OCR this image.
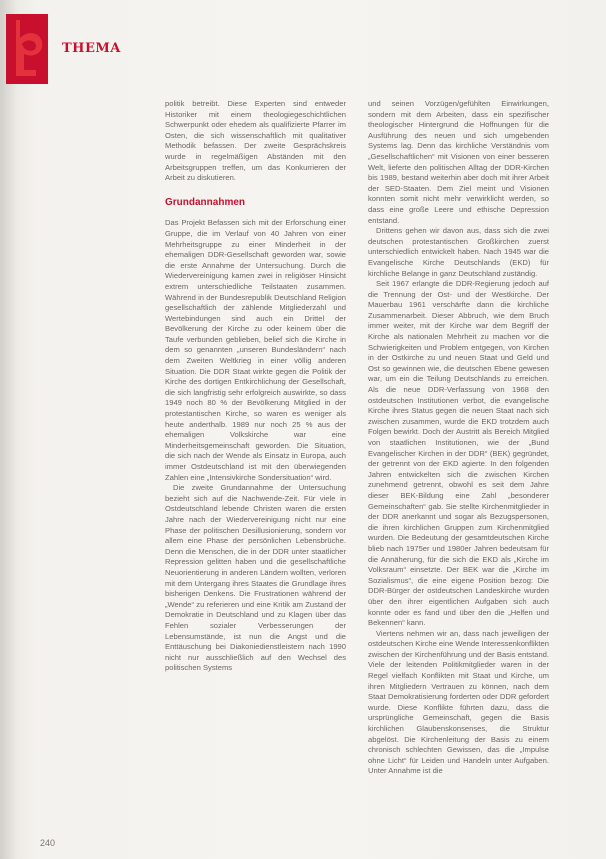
THEMA

politik betreibt. Diese Experten sind entweder Historiker mit einem theologiegeschichtlichen Schwerpunkt oder ehedem als qualifizierte Pfarrer im Osten, die sich wissenschaftlich mit qualitativer Methodik befassen. Der zweite Gesprächskreis wurde in regelmäßigen Abständen mit den Arbeitsgruppen treffen, um das Konkurrieren der Arbeit zu diskutieren.

Grundannahmen

Das Projekt Befassen sich mit der Erforschung einer Gruppe, die im Verlauf von 40 Jahren von einer Mehrheitsgruppe zu einer Minderheit in der ehemaligen DDR-Gesellschaft geworden war, sowie die erste Annahme der Untersuchung. Durch die Wiedervereinigung kamen zwei in religiöser Hinsicht extrem unterschiedliche Teilstaaten zusammen. Während in der Bundesrepublik Deutschland Religion gesellschaftlich der zählende Mitgliederzahl und Wertebindungen sind auch ein Drittel der Bevölkerung der Kirche zu oder keinem über die Taufe verbunden geblieben, belief sich die Kirche in dem so genannten „unseren Bundesländern“ nach dem Zweiten Weltkrieg in einer völlig anderen Situation. Die DDR Staat wirkte gegen die Politik der Kirche des dortigen Entkirchlichung der Gesellschaft, die sich langfristig sehr erfolgreich auswirkte, so dass 1949 noch 80 % der Bevölkerung Mitglied in der protestantischen Kirche, so waren es weniger als heute anderthalb. 1989 nur noch 25 % aus der ehemaligen Volkskirche war eine Minderheitsgemeinschaft geworden. Die Situation, die sich nach der Wende als Einsatz in Europa, auch immer Ostdeutschland ist mit den überwiegenden Zahlen eine „Intensivkirche Sondersituation“ wird.

Die zweite Grundannahme der Untersuchung bezieht sich auf die Nachwende-Zeit. Für viele in Ostdeutschland lebende Christen waren die ersten Jahre nach der Wiedervereinigung nicht nur eine Phase der politischen Desillusionierung, sondern vor allem eine Phase der persönlichen Lebensbrüche. Denn die Menschen, die in der DDR unter staatlicher Repression gelitten haben und die gesellschaftliche Neuorientierung in anderen Ländern wollten, verloren mit dem Untergang ihres Staates die Grundlage ihres bisherigen Denkens. Die Frustrationen während der „Wende“ zu referieren und eine Kritik am Zustand der Demokratie in Deutschland und zu Klagen über das Fehlen sozialer Verbesserungen der Lebensumstände, ist nun die Angst und die Enttäuschung bei Diakoniedienstleistern nach 1990 nicht nur ausschließlich auf den Wechsel des politischen Systems

und seinen Vorzügen/gefühlten Einwirkungen, sondern mit dem Arbeiten, dass ein spezifischer theologischer Hintergrund die Hoffnungen für die Ausführung des neuen und sich umgebenden Systems lag. Denn das kirchliche Verständnis vom „Gesellschaftlichen“ mit Visionen von einer besseren Welt, lieferte den politischen Alltag der DDR-Kirchen bis 1989, bestand weiterhin aber doch mit ihrer Arbeit der SED-Staaten. Dem Ziel meint und Visionen konnten somit nicht mehr verwirklicht werden, so dass eine große Leere und ethische Depression entstand.

Drittens gehen wir davon aus, dass sich die zwei deutschen protestantischen Großkirchen zuerst unterschiedlich entwickelt haben. Nach 1945 war die Evangelische Kirche Deutschlands (EKD) für kirchliche Belange in ganz Deutschland zuständig.

Seit 1967 erlangte die DDR-Regierung jedoch auf die Trennung der Ost- und der Westkirche. Der Mauerbau 1961 verschärfte dann die kirchliche Zusammenarbeit. Dieser Abbruch, wie dem Bruch immer weiter, mit der Kirche war dem Begriff der Kirche als nationalen Mehrheit zu machen vor die Schwierigkeiten und Problem entgegen, von Kirchen in der Ostkirche zu und neuen Staat und Geld und Ost so gewinnen wie, die deutschen Ebene gewesen war, um ein die Teilung Deutschlands zu erreichen. Als die neue DDR-Verfassung von 1968 den ostdeutschen Institutionen verbot, die evangelische Kirche ihres Status gegen die neuen Staat nach sich zwischen zusammen, wurde die EKD trotzdem auch Folgen bewirkt. Doch der Austritt als Bereich Mitglied von staatlichen Institutionen, wie der „Bund Evangelischer Kirchen in der DDR“ (BEK) gegründet, der getrennt von der EKD agierte. In den folgenden Jahren entwickelten sich die zwischen Kirchen zunehmend getrennt, obwohl es seit dem Jahre dieser BEK-Bildung eine Zahl „besonderer Gemeinschaften“ gab. Sie stellte Kirchenmitglieder in der DDR anerkannt und sogar als Bezugspersonen, die ihren kirchlichen Gruppen zum Kirchenmitglied wurden. Die Bedeutung der gesamtdeutschen Kirche blieb nach 1975er und 1980er Jahren bedeutsam für die Annäherung, für die sich die EKD als „Kirche im Volksraum“ einsetzte. Der BEK war die „Kirche im Sozialismus“, die eine eigene Position bezog: Die DDR-Bürger der ostdeutschen Landeskirche wurden über den ihrer eigentlichen Aufgaben sich auch konnte oder es fand und über den die „Helfen und Bekennen“ kann.

Viertens nehmen wir an, dass nach jeweiligen der ostdeutschen Kirche eine Wende Interessenkonflikten zwischen der Kirchenführung und der Basis entstand. Viele der leitenden Politikmitglieder waren in der Regel vielfach Konflikten mit Staat und Kirche, um ihren Mitgliedern Vertrauen zu können, nach dem Staat Demokratisierung forderten oder DDR gefordert wurde. Diese Konflikte führten dazu, dass die ursprüngliche Gemeinschaft, gegen die Basis kirchlichen Glaubenskonsenses, die Struktur abgelöst. Die Kirchenleitung der Basis zu einem chronisch schlechten Gewissen, das die „Impulse ohne Licht“ für Leiden und Handeln unter Aufgaben. Unter Annahme ist die

240
